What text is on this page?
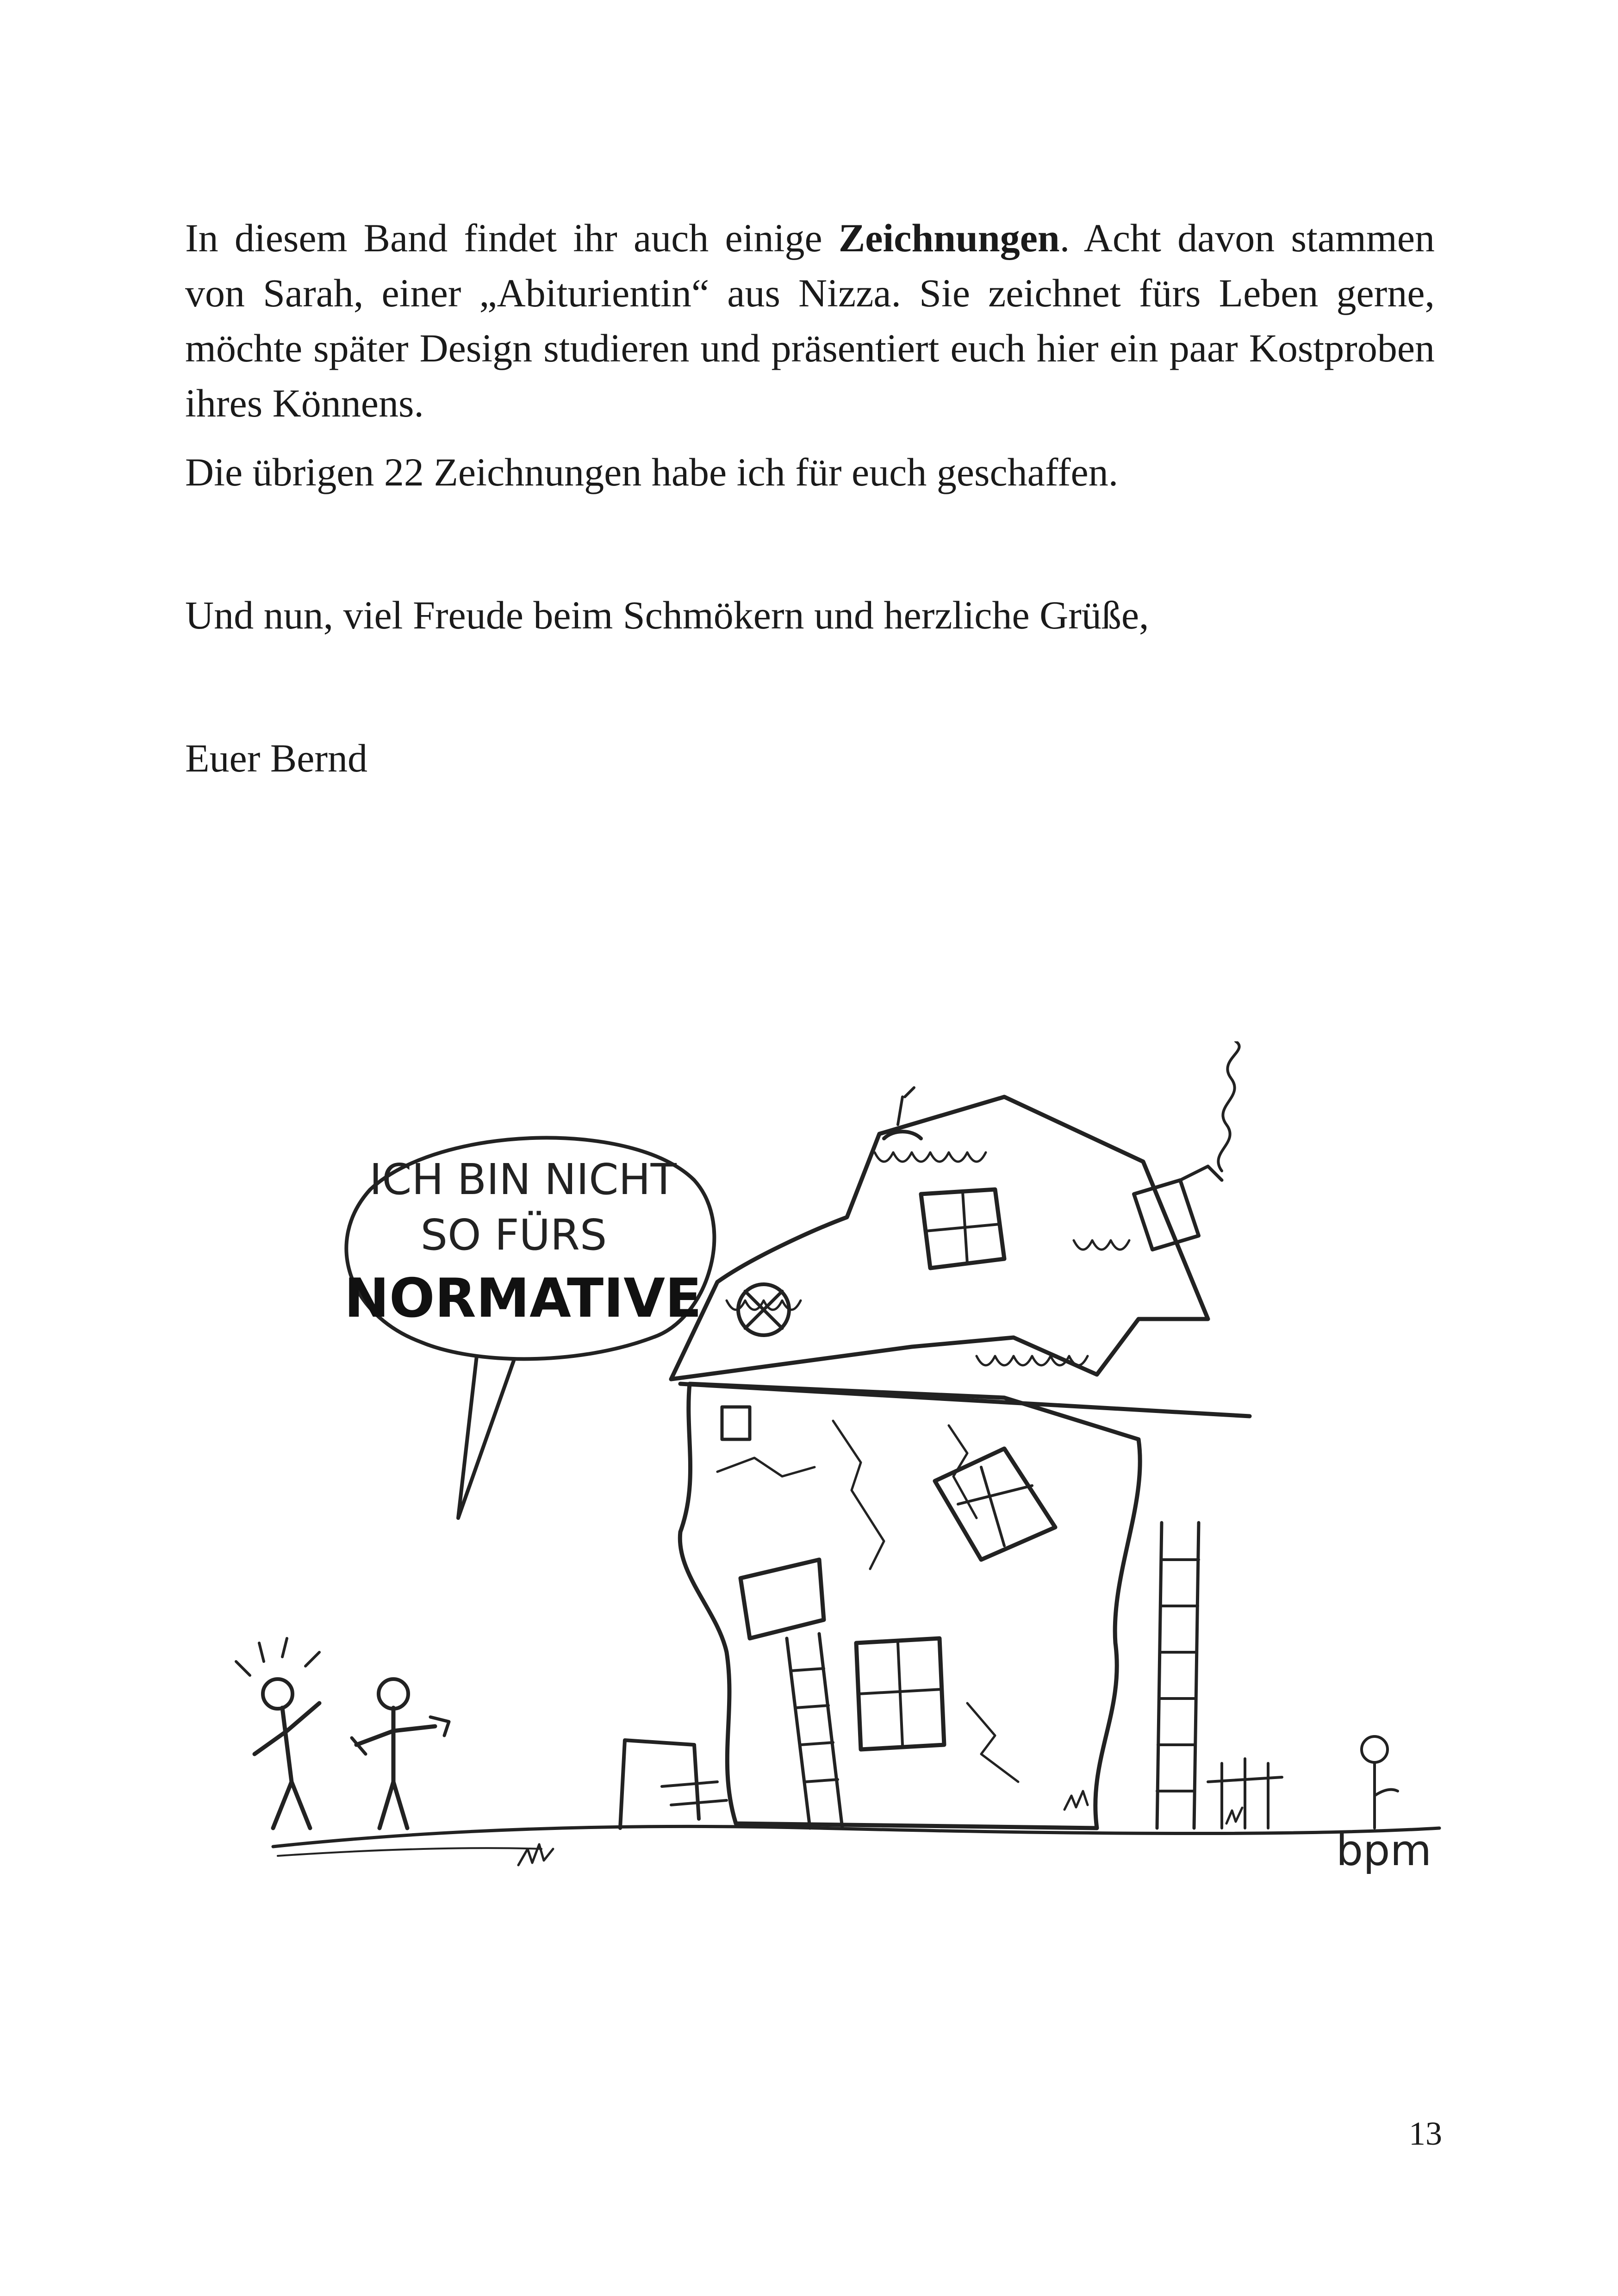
In diesem Band findet ihr auch einige Zeichnungen. Acht davon stammen von Sarah, einer „Abiturientin“ aus Nizza. Sie zeichnet fürs Leben gerne, möchte später Design studieren und präsentiert euch hier ein paar Kostproben ihres Könnens.

Die übrigen 22 Zeichnungen habe ich für euch geschaffen.

Und nun, viel Freude beim Schmökern und herzliche Grüße,

Euer Bernd

ICH BIN NICHT
SO FÜRS
NORMATIVE
bpm
13
